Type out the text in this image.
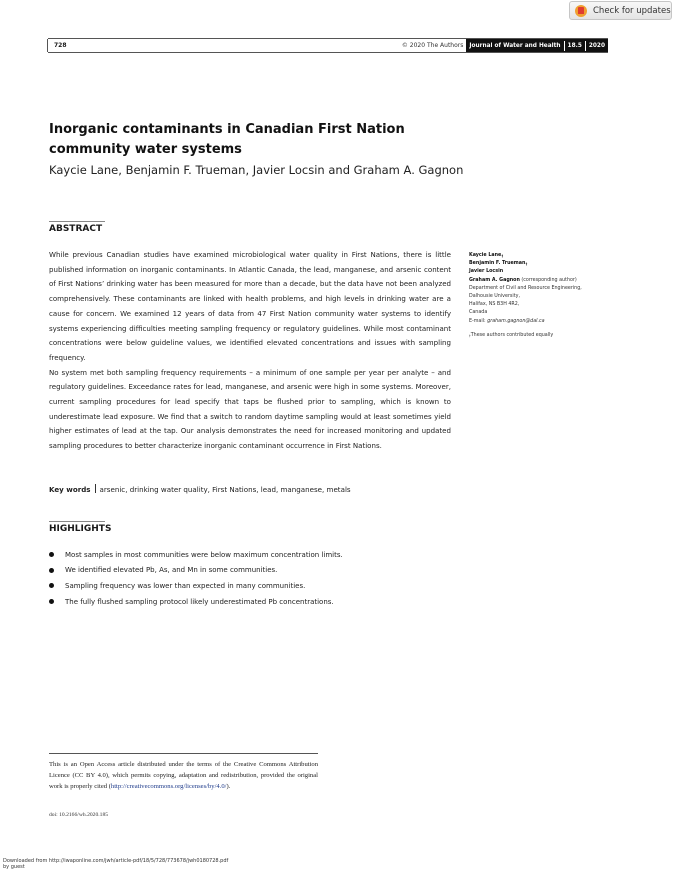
Check for updates
728	© 2020 The Authors	Journal of Water and Health 18.5 2020
Inorganic contaminants in Canadian First Nation
community water systems
Kaycie Lane, Benjamin F. Trueman, Javier Locsin and Graham A. Gagnon
ABSTRACT

While previous Canadian studies have examined microbiological water quality in First Nations, there is little published information on inorganic contaminants. In Atlantic Canada, the lead, manganese, and arsenic content of First Nations’ drinking water has been measured for more than a decade, but the data have not been analyzed comprehensively. These contaminants are linked with health problems, and high levels in drinking water are a cause for concern. We examined 12 years of data from 47 First Nation community water systems to identify systems experiencing difficulties meeting sampling frequency or regulatory guidelines. While most contaminant concentrations were below guideline values, we identified elevated concentrations and issues with sampling frequency.

No system met both sampling frequency requirements – a minimum of one sample per year per analyte – and regulatory guidelines. Exceedance rates for lead, manganese, and arsenic were high in some systems. Moreover, current sampling procedures for lead specify that taps be flushed prior to sampling, which is known to underestimate lead exposure. We find that a switch to random daytime sampling would at least sometimes yield higher estimates of lead at the tap. Our analysis demonstrates the need for increased monitoring and updated sampling procedures to better characterize inorganic contaminant occurrence in First Nations.

Key words arsenic, drinking water quality, First Nations, lead, manganese, metals
Kaycie Lane†
Benjamin F. Trueman†
Javier Locsin
Graham A. Gagnon (corresponding author)
Department of Civil and Resource Engineering,
Dalhousie University,
Halifax, NS B3H 4R2,
Canada
E-mail: graham.gagnon@dal.ca
†These authors contributed equally
HIGHLIGHTS
Most samples in most communities were below maximum concentration limits.
We identified elevated Pb, As, and Mn in some communities.
Sampling frequency was lower than expected in many communities.
The fully flushed sampling protocol likely underestimated Pb concentrations.
This is an Open Access article distributed under the terms of the Creative Commons Attribution Licence (CC BY 4.0), which permits copying, adaptation and redistribution, provided the original work is properly cited (http://creativecommons.org/licenses/by/4.0/).
doi: 10.2166/wh.2020.185
Downloaded from http://iwaponline.com/jwh/article-pdf/18/5/728/773678/jwh0180728.pdf
by guest
